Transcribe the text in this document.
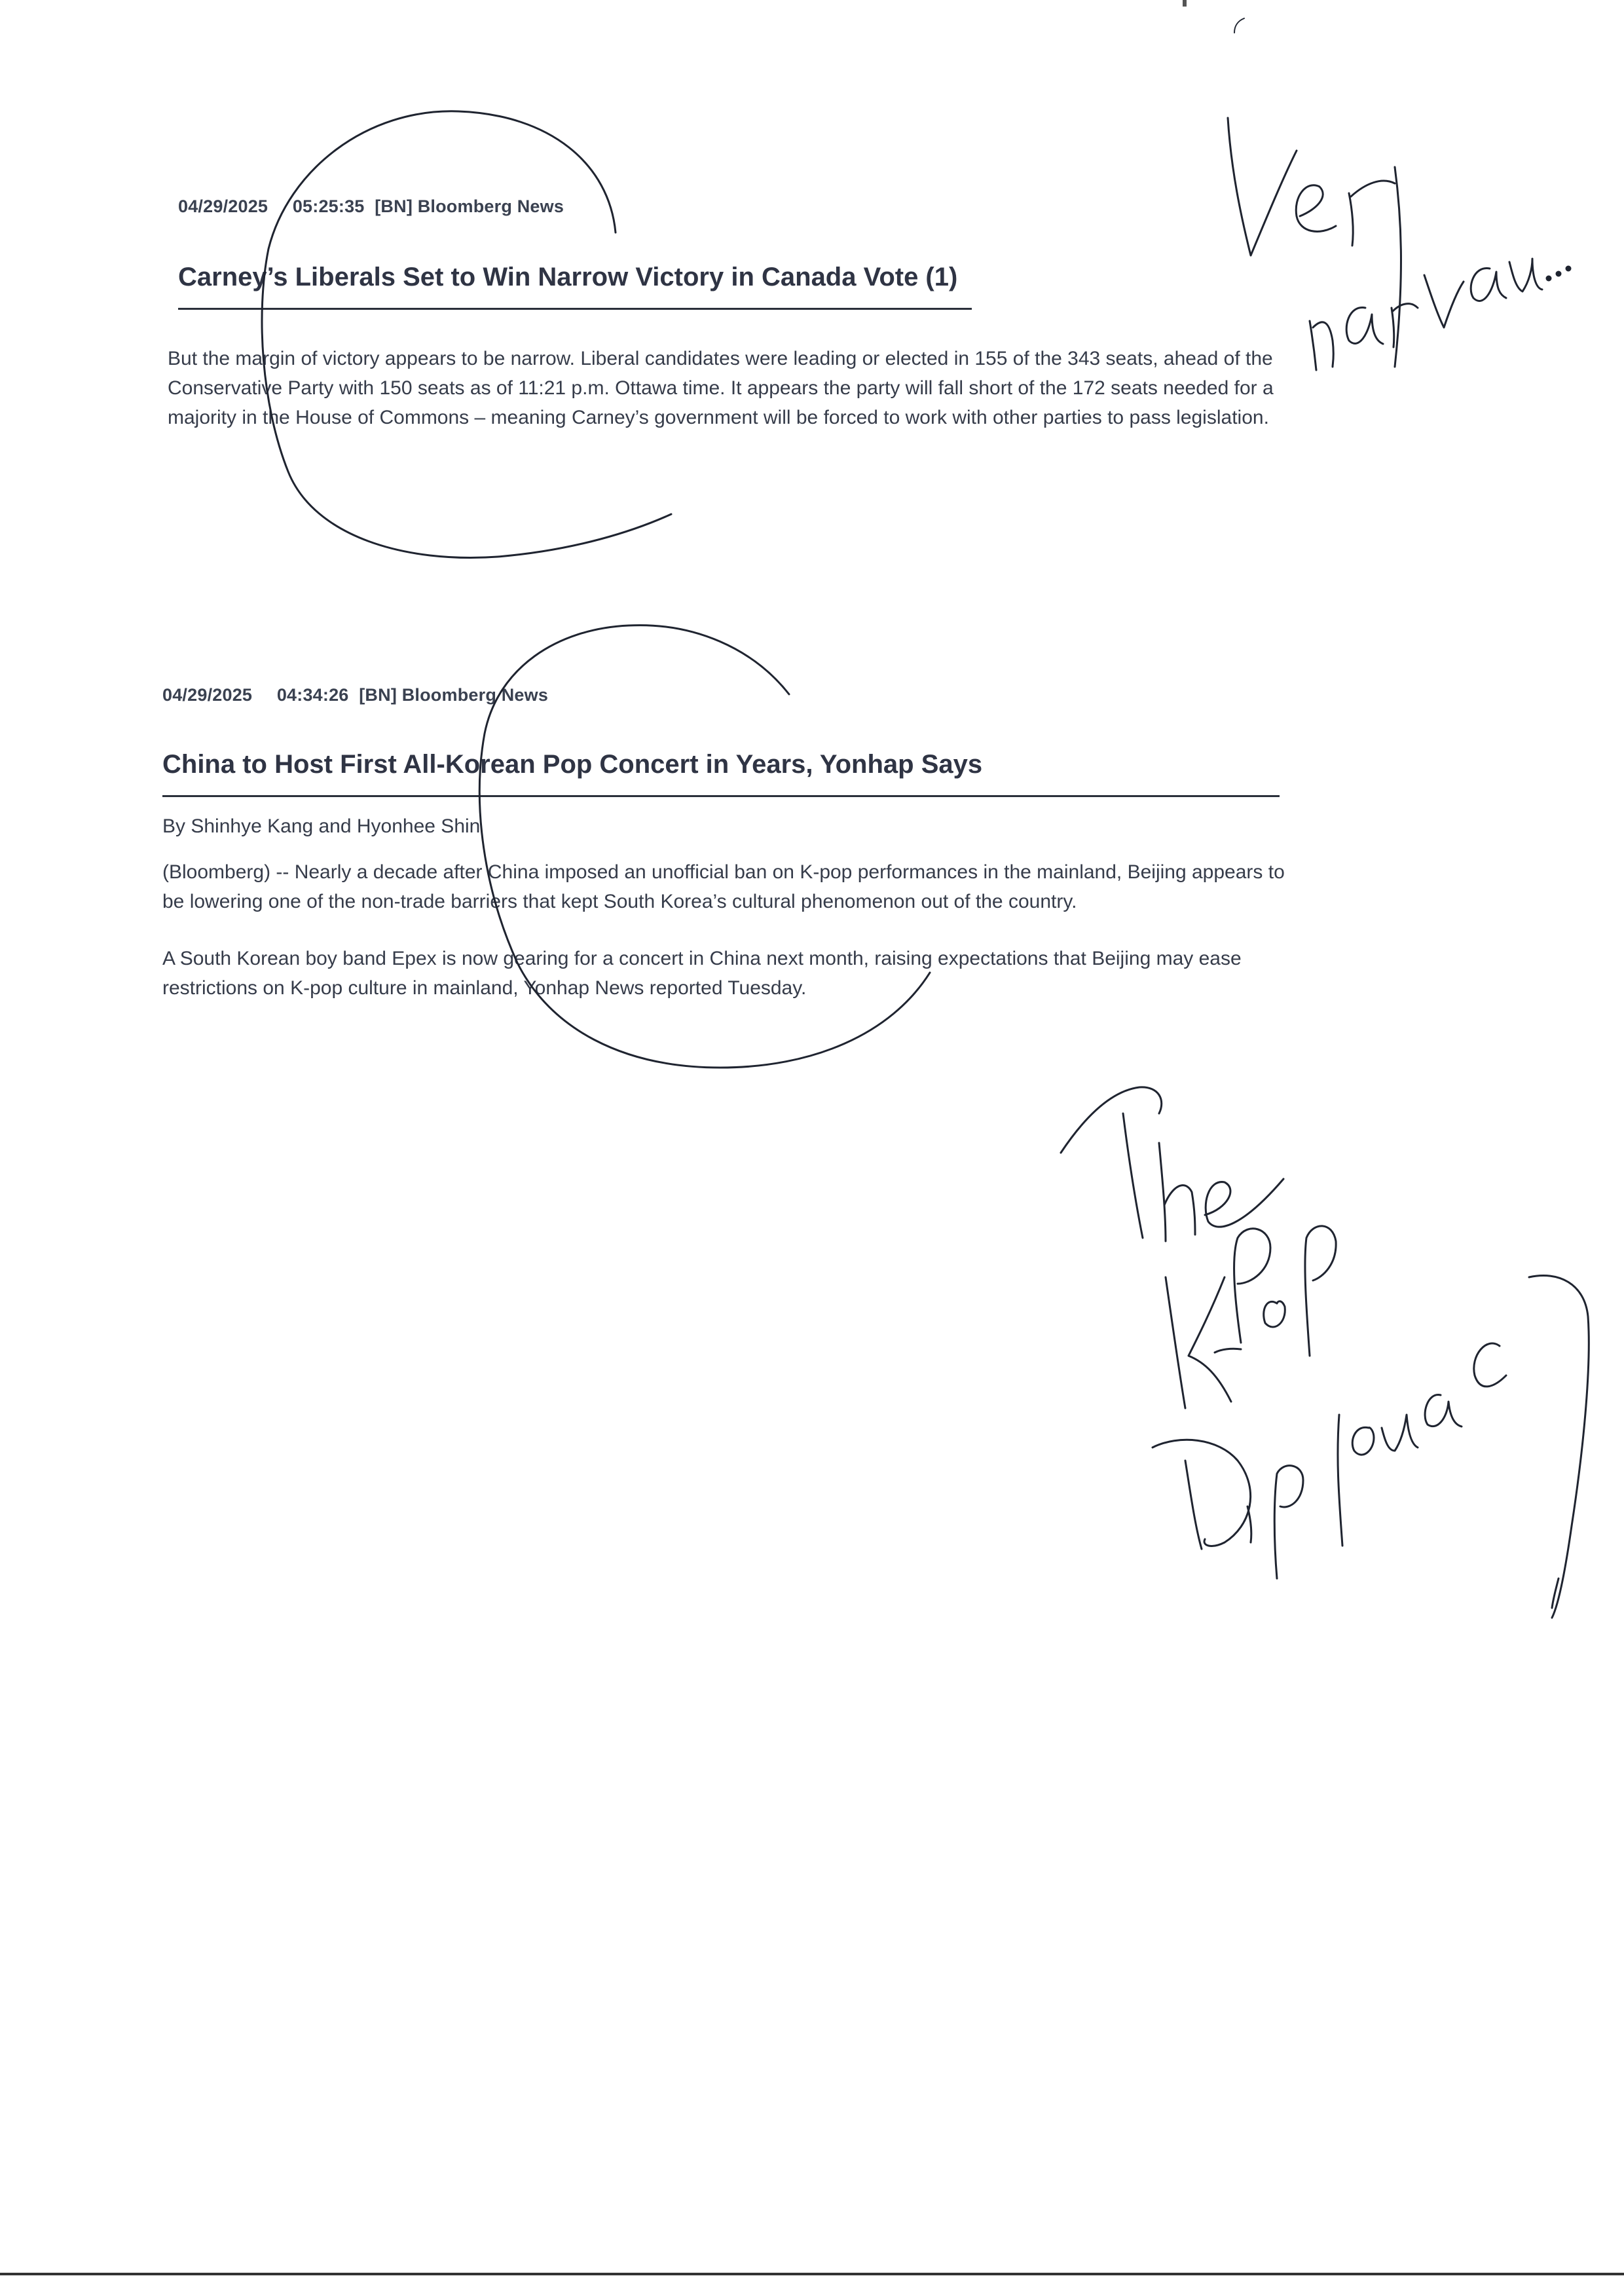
04/29/2025 05:25:35 [BN] Bloomberg News
Carney’s Liberals Set to Win Narrow Victory in Canada Vote (1)

But the margin of victory appears to be narrow. Liberal candidates were leading or elected in 155 of the 343 seats, ahead of the Conservative Party with 150 seats as of 11:21 p.m. Ottawa time. It appears the party will fall short of the 172 seats needed for a majority in the House of Commons – meaning Carney’s government will be forced to work with other parties to pass legislation.

04/29/2025 04:34:26 [BN] Bloomberg News
China to Host First All-Korean Pop Concert in Years, Yonhap Says
By Shinhye Kang and Hyonhee Shin

(Bloomberg) -- Nearly a decade after China imposed an unofficial ban on K-pop performances in the mainland, Beijing appears to be lowering one of the non-trade barriers that kept South Korea’s cultural phenomenon out of the country.

A South Korean boy band Epex is now gearing for a concert in China next month, raising expectations that Beijing may ease restrictions on K-pop culture in mainland, Yonhap News reported Tuesday.
